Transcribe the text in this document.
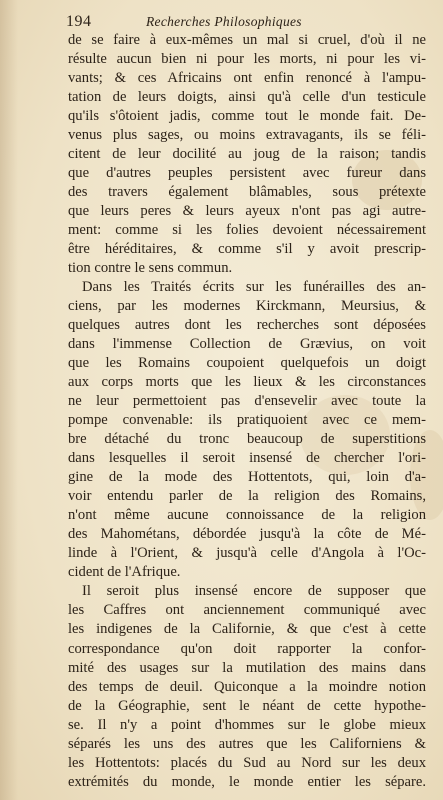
194	Recherches Philosophiques
de se faire à eux-mêmes un mal si cruel, d'où il ne
résulte aucun bien ni pour les morts, ni pour les vi-
vants; & ces Africains ont enfin renoncé à l'ampu-
tation de leurs doigts, ainsi qu'à celle d'un testicule
qu'ils s'ôtoient jadis, comme tout le monde fait. De-
venus plus sages, ou moins extravagants, ils se féli-
citent de leur docilité au joug de la raison; tandis
que d'autres peuples persistent avec fureur dans
des travers également blâmables, sous prétexte
que leurs peres & leurs ayeux n'ont pas agi autre-
ment: comme si les folies devoient nécessairement
être héréditaires, & comme s'il y avoit prescrip-
tion contre le sens commun.
Dans les Traités écrits sur les funérailles des an-
ciens, par les modernes Kirckmann, Meursius, &
quelques autres dont les recherches sont déposées
dans l'immense Collection de Grævius, on voit
que les Romains coupoient quelquefois un doigt
aux corps morts que les lieux & les circonstances
ne leur permettoient pas d'ensevelir avec toute la
pompe convenable: ils pratiquoient avec ce mem-
bre détaché du tronc beaucoup de superstitions
dans lesquelles il seroit insensé de chercher l'ori-
gine de la mode des Hottentots, qui, loin d'a-
voir entendu parler de la religion des Romains,
n'ont même aucune connoissance de la religion
des Mahométans, débordée jusqu'à la côte de Mé-
linde à l'Orient, & jusqu'à celle d'Angola à l'Oc-
cident de l'Afrique.
Il seroit plus insensé encore de supposer que
les Caffres ont anciennement communiqué avec
les indigenes de la Californie, & que c'est à cette
correspondance qu'on doit rapporter la confor-
mité des usages sur la mutilation des mains dans
des temps de deuil. Quiconque a la moindre notion
de la Géographie, sent le néant de cette hypothe-
se. Il n'y a point d'hommes sur le globe mieux
séparés les uns des autres que les Californiens &
les Hottentots: placés du Sud au Nord sur les deux
extrémités du monde, le monde entier les sépare.
